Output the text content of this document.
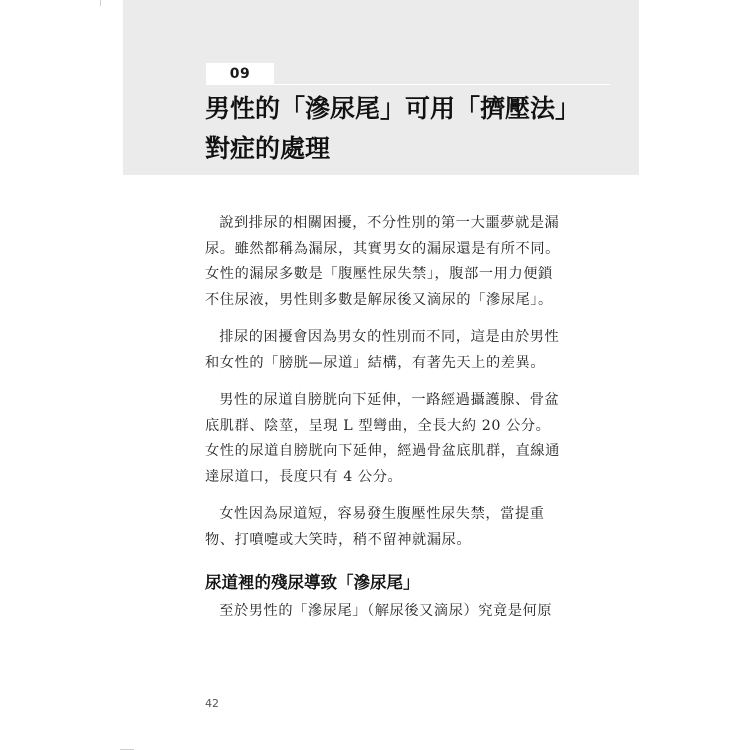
09
男性的「滲尿尾」可用「擠壓法」
對症的處理

說到排尿的相關困擾，不分性別的第一大噩夢就是漏尿。雖然都稱為漏尿，其實男女的漏尿還是有所不同。女性的漏尿多數是「腹壓性尿失禁」，腹部一用力便鎖不住尿液，男性則多數是解尿後又滴尿的「滲尿尾」。

排尿的困擾會因為男女的性別而不同，這是由於男性和女性的「膀胱—尿道」結構，有著先天上的差異。

男性的尿道自膀胱向下延伸，一路經過攝護腺、骨盆底肌群、陰莖，呈現 L 型彎曲，全長大約 20 公分。女性的尿道自膀胱向下延伸，經過骨盆底肌群，直線通達尿道口，長度只有 4 公分。

女性因為尿道短，容易發生腹壓性尿失禁，當提重物、打噴嚏或大笑時，稍不留神就漏尿。

尿道裡的殘尿導致「滲尿尾」

至於男性的「滲尿尾」（解尿後又滴尿）究竟是何原

42
